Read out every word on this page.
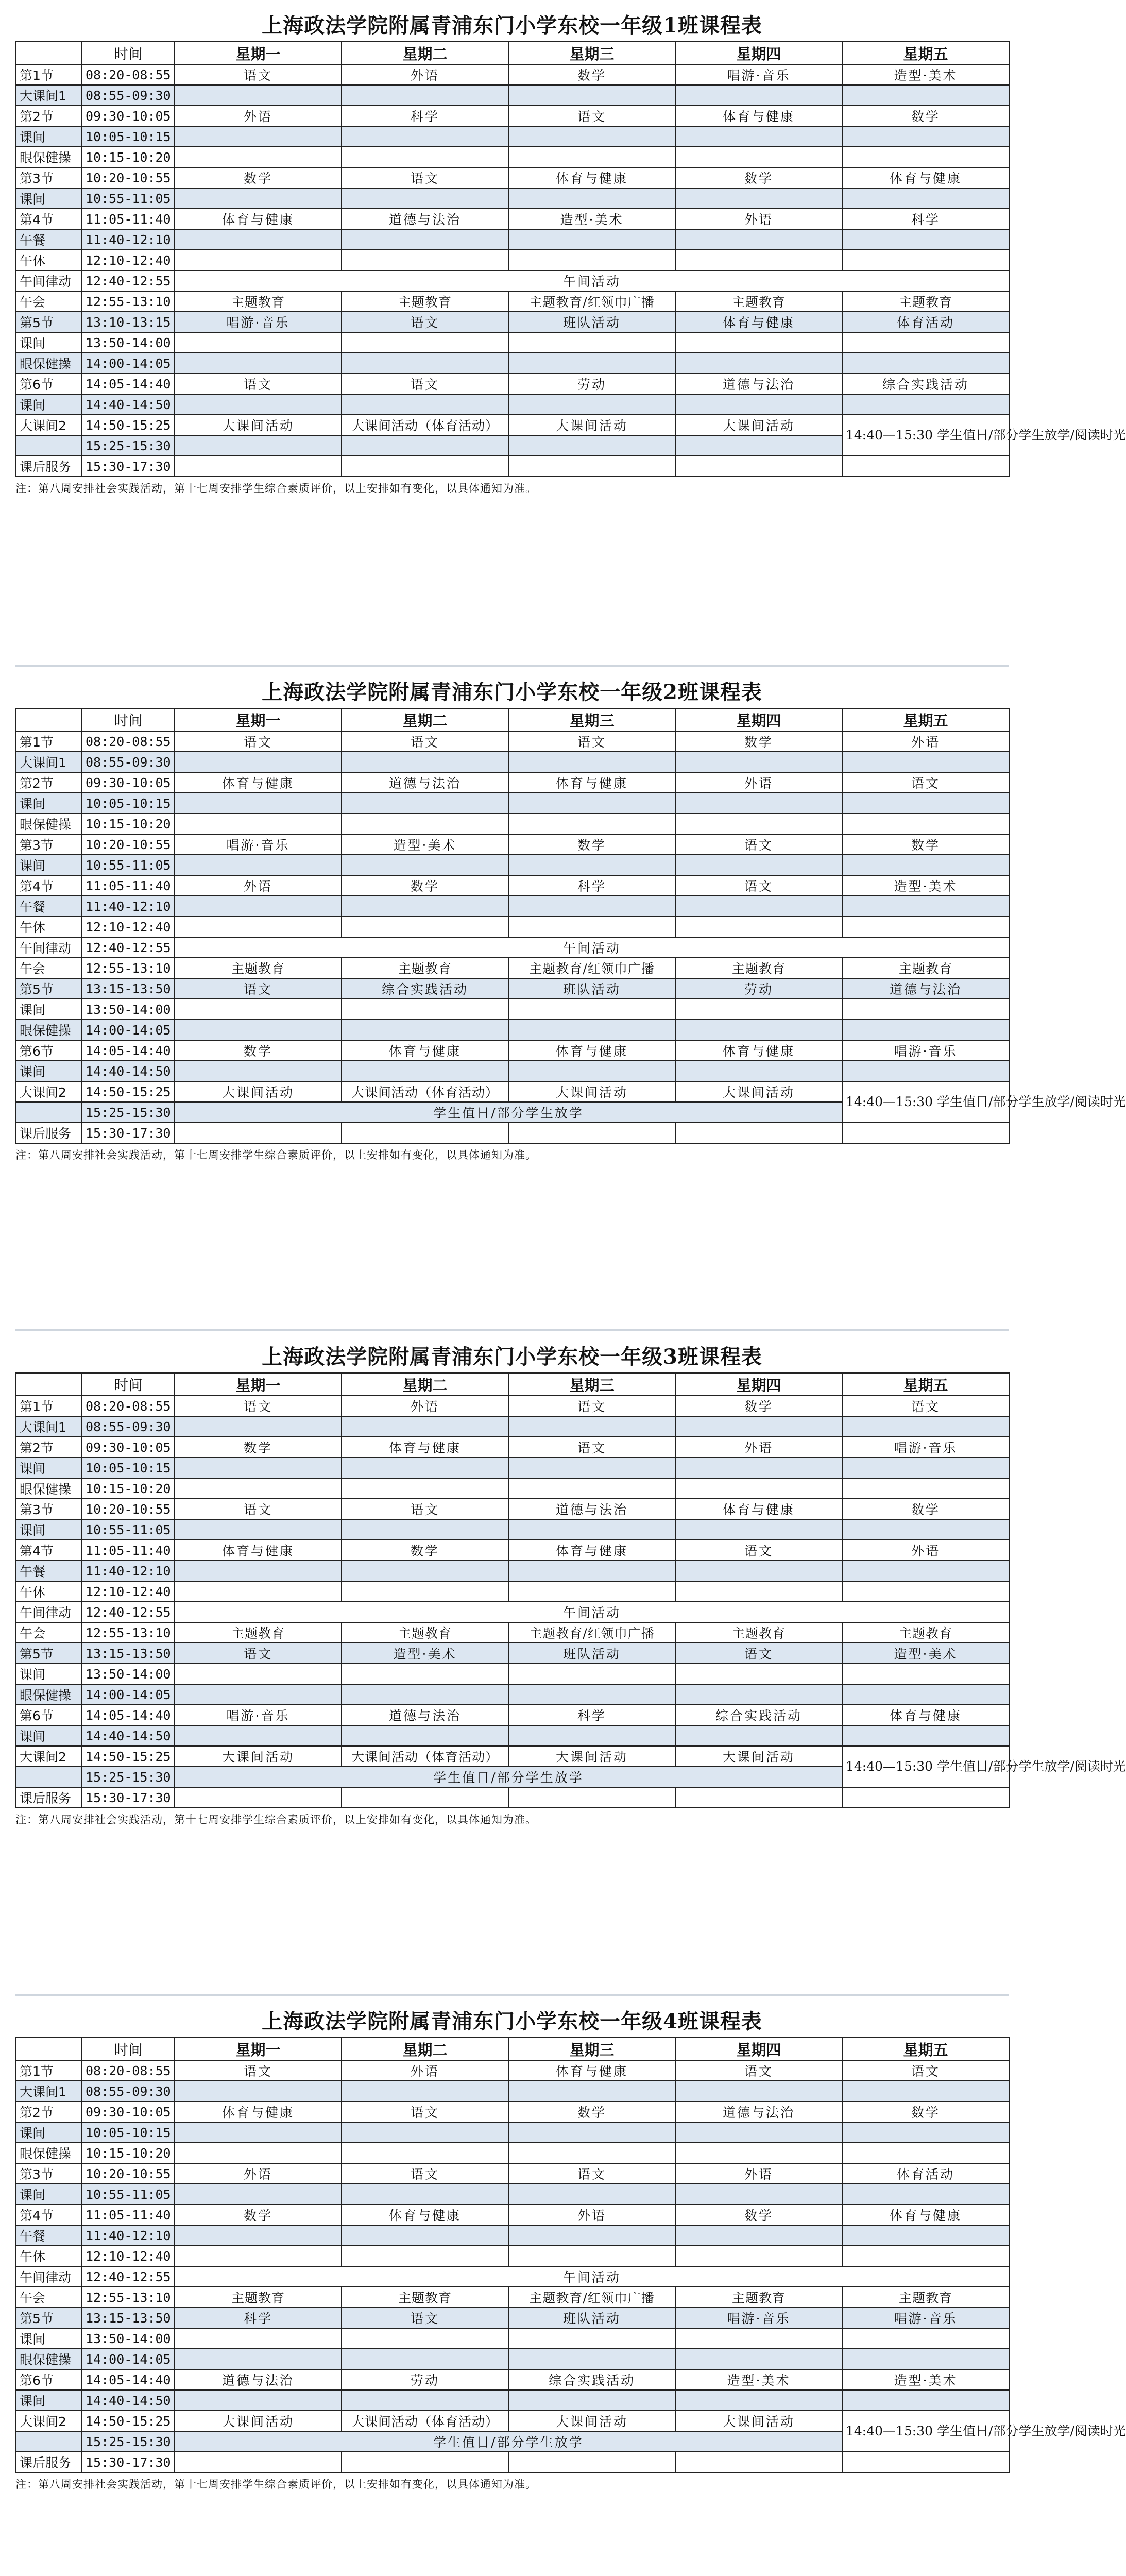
上海政法学院附属青浦东门小学东校一年级1班课程表
	时间	星期一	星期二	星期三	星期四	星期五
第1节	08:20-08:55	语文	外语	数学	唱游·音乐	造型·美术
大课间1	08:55-09:30					
第2节	09:30-10:05	外语	科学	语文	体育与健康	数学
课间	10:05-10:15					
眼保健操	10:15-10:20					
第3节	10:20-10:55	数学	语文	体育与健康	数学	体育与健康
课间	10:55-11:05					
第4节	11:05-11:40	体育与健康	道德与法治	造型·美术	外语	科学
午餐	11:40-12:10					
午休	12:10-12:40					
午间律动	12:40-12:55	午间活动				
午会	12:55-13:10	主题教育	主题教育	主题教育/红领巾广播	主题教育	主题教育
第5节	13:10-13:15	唱游·音乐	语文	班队活动	体育与健康	体育活动
课间	13:50-14:00					
眼保健操	14:00-14:05					
第6节	14:05-14:40	语文	语文	劳动	道德与法治	综合实践活动
课间	14:40-14:50					
大课间2	14:50-15:25	大课间活动	大课间活动（体育活动）	大课间活动	大课间活动	14:40—15:30 学生值日/部分学生放学/阅读时光
	15:25-15:30					
课后服务	15:30-17:30					
注：第八周安排社会实践活动，第十七周安排学生综合素质评价，以上安排如有变化，以具体通知为准。
上海政法学院附属青浦东门小学东校一年级2班课程表
	时间	星期一	星期二	星期三	星期四	星期五
第1节	08:20-08:55	语文	语文	语文	数学	外语
大课间1	08:55-09:30					
第2节	09:30-10:05	体育与健康	道德与法治	体育与健康	外语	语文
课间	10:05-10:15					
眼保健操	10:15-10:20					
第3节	10:20-10:55	唱游·音乐	造型·美术	数学	语文	数学
课间	10:55-11:05					
第4节	11:05-11:40	外语	数学	科学	语文	造型·美术
午餐	11:40-12:10					
午休	12:10-12:40					
午间律动	12:40-12:55	午间活动				
午会	12:55-13:10	主题教育	主题教育	主题教育/红领巾广播	主题教育	主题教育
第5节	13:15-13:50	语文	综合实践活动	班队活动	劳动	道德与法治
课间	13:50-14:00					
眼保健操	14:00-14:05					
第6节	14:05-14:40	数学	体育与健康	体育与健康	体育与健康	唱游·音乐
课间	14:40-14:50					
大课间2	14:50-15:25	大课间活动	大课间活动（体育活动）	大课间活动	大课间活动	14:40—15:30 学生值日/部分学生放学/阅读时光
	15:25-15:30	学生值日/部分学生放学				
课后服务	15:30-17:30					
注：第八周安排社会实践活动，第十七周安排学生综合素质评价，以上安排如有变化，以具体通知为准。
上海政法学院附属青浦东门小学东校一年级3班课程表
	时间	星期一	星期二	星期三	星期四	星期五
第1节	08:20-08:55	语文	外语	语文	数学	语文
大课间1	08:55-09:30					
第2节	09:30-10:05	数学	体育与健康	语文	外语	唱游·音乐
课间	10:05-10:15					
眼保健操	10:15-10:20					
第3节	10:20-10:55	语文	语文	道德与法治	体育与健康	数学
课间	10:55-11:05					
第4节	11:05-11:40	体育与健康	数学	体育与健康	语文	外语
午餐	11:40-12:10					
午休	12:10-12:40					
午间律动	12:40-12:55	午间活动				
午会	12:55-13:10	主题教育	主题教育	主题教育/红领巾广播	主题教育	主题教育
第5节	13:15-13:50	语文	造型·美术	班队活动	语文	造型·美术
课间	13:50-14:00					
眼保健操	14:00-14:05					
第6节	14:05-14:40	唱游·音乐	道德与法治	科学	综合实践活动	体育与健康
课间	14:40-14:50					
大课间2	14:50-15:25	大课间活动	大课间活动（体育活动）	大课间活动	大课间活动	14:40—15:30 学生值日/部分学生放学/阅读时光
	15:25-15:30	学生值日/部分学生放学				
课后服务	15:30-17:30					
注：第八周安排社会实践活动，第十七周安排学生综合素质评价，以上安排如有变化，以具体通知为准。
上海政法学院附属青浦东门小学东校一年级4班课程表
	时间	星期一	星期二	星期三	星期四	星期五
第1节	08:20-08:55	语文	外语	体育与健康	语文	语文
大课间1	08:55-09:30					
第2节	09:30-10:05	体育与健康	语文	数学	道德与法治	数学
课间	10:05-10:15					
眼保健操	10:15-10:20					
第3节	10:20-10:55	外语	语文	语文	外语	体育活动
课间	10:55-11:05					
第4节	11:05-11:40	数学	体育与健康	外语	数学	体育与健康
午餐	11:40-12:10					
午休	12:10-12:40					
午间律动	12:40-12:55	午间活动				
午会	12:55-13:10	主题教育	主题教育	主题教育/红领巾广播	主题教育	主题教育
第5节	13:15-13:50	科学	语文	班队活动	唱游·音乐	唱游·音乐
课间	13:50-14:00					
眼保健操	14:00-14:05					
第6节	14:05-14:40	道德与法治	劳动	综合实践活动	造型·美术	造型·美术
课间	14:40-14:50					
大课间2	14:50-15:25	大课间活动	大课间活动（体育活动）	大课间活动	大课间活动	14:40—15:30 学生值日/部分学生放学/阅读时光
	15:25-15:30	学生值日/部分学生放学				
课后服务	15:30-17:30					
注：第八周安排社会实践活动，第十七周安排学生综合素质评价，以上安排如有变化，以具体通知为准。
